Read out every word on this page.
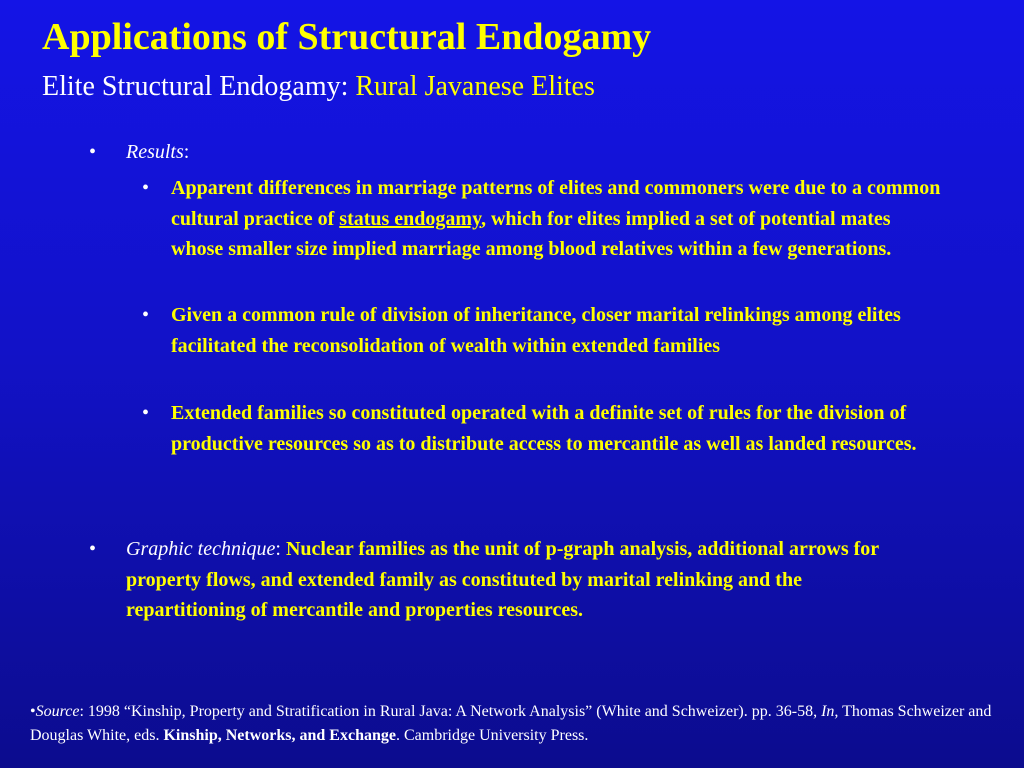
Applications of Structural Endogamy
Elite Structural Endogamy: Rural Javanese Elites
• Results:
• Apparent differences in marriage patterns of elites and commoners were due to a common cultural practice of status endogamy, which for elites implied a set of potential mates whose smaller size implied marriage among blood relatives within a few generations.
• Given a common rule of division of inheritance, closer marital relinkings among elites facilitated the reconsolidation of wealth within extended families
• Extended families so constituted operated with a definite set of rules for the division of productive resources so as to distribute access to mercantile as well as landed resources.
• Graphic technique: Nuclear families as the unit of p-graph analysis, additional arrows for property flows, and extended family as constituted by marital relinking and the repartitioning of mercantile and properties resources.
•Source: 1998 “Kinship, Property and Stratification in Rural Java: A Network Analysis” (White and Schweizer). pp. 36-58, In, Thomas Schweizer and Douglas White, eds. Kinship, Networks, and Exchange. Cambridge University Press.
